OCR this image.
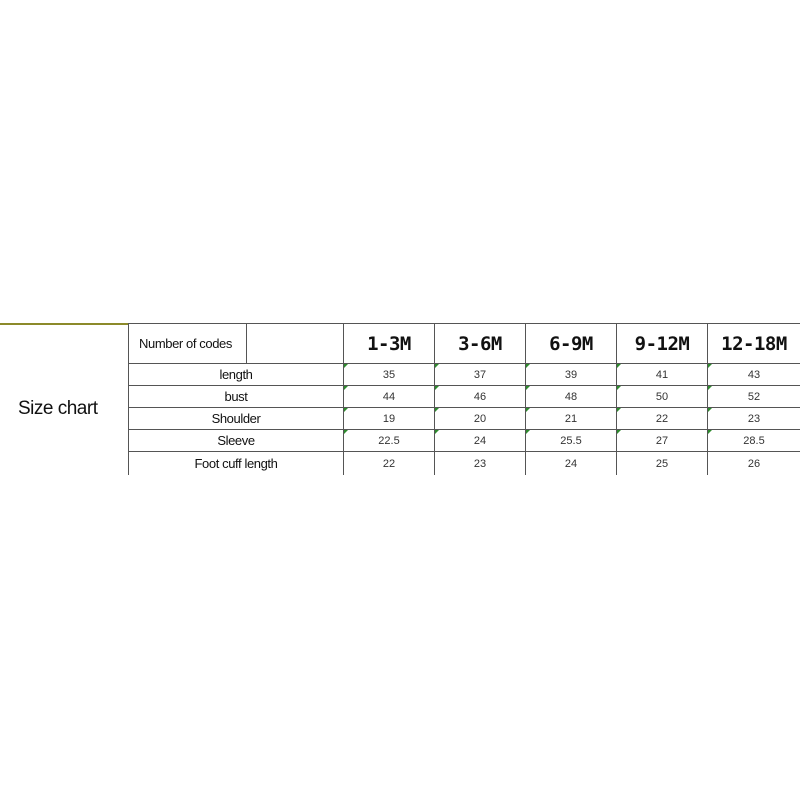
Size chart
Number of codes		1-3M	3-6M	6-9M	9-12M	12-18M
length		35	37	39	41	43
bust		44	46	48	50	52
Shoulder		19	20	21	22	23
Sleeve		22.5	24	25.5	27	28.5
Foot cuff length		22	23	24	25	26
